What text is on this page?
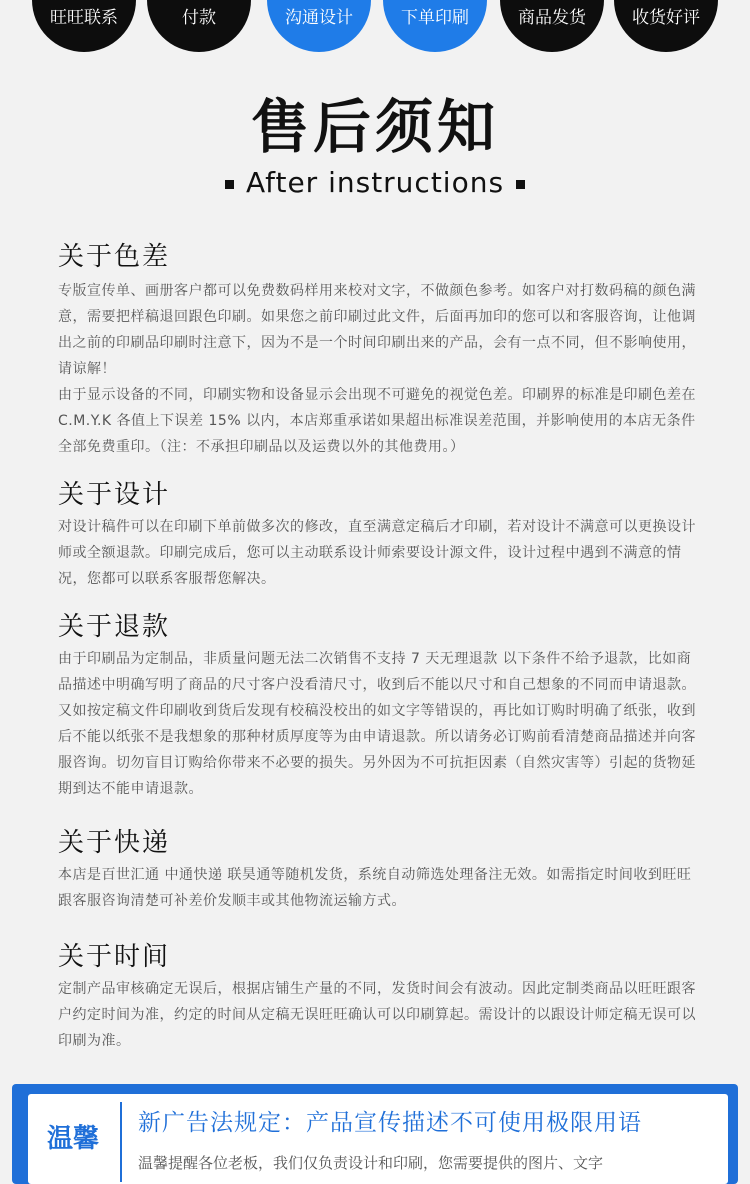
旺旺联系	付款	沟通设计	下单印刷	商品发货	收货好评
售后须知
After instructions
关于色差

专版宣传单、画册客户都可以免费数码样用来校对文字，不做颜色参考。如客户对打数码稿的颜色满意，需要把样稿退回跟色印刷。如果您之前印刷过此文件，后面再加印的您可以和客服咨询，让他调出之前的印刷品印刷时注意下，因为不是一个时间印刷出来的产品，会有一点不同，但不影响使用，请谅解！

由于显示设备的不同，印刷实物和设备显示会出现不可避免的视觉色差。印刷界的标准是印刷色差在 C.M.Y.K 各值上下误差 15% 以内，本店郑重承诺如果超出标准误差范围，并影响使用的本店无条件全部免费重印。（注：不承担印刷品以及运费以外的其他费用。）

关于设计

对设计稿件可以在印刷下单前做多次的修改，直至满意定稿后才印刷，若对设计不满意可以更换设计师或全额退款。印刷完成后，您可以主动联系设计师索要设计源文件，设计过程中遇到不满意的情况，您都可以联系客服帮您解决。

关于退款

由于印刷品为定制品，非质量问题无法二次销售不支持 7 天无理退款 以下条件不给予退款，比如商品描述中明确写明了商品的尺寸客户没看清尺寸，收到后不能以尺寸和自己想象的不同而申请退款。又如按定稿文件印刷收到货后发现有校稿没校出的如文字等错误的，再比如订购时明确了纸张，收到后不能以纸张不是我想象的那种材质厚度等为由申请退款。所以请务必订购前看清楚商品描述并向客服咨询。切勿盲目订购给你带来不必要的损失。另外因为不可抗拒因素（自然灾害等）引起的货物延期到达不能申请退款。

关于快递

本店是百世汇通 中通快递 联昊通等随机发货，系统自动筛选处理备注无效。如需指定时间收到旺旺跟客服咨询清楚可补差价发顺丰或其他物流运输方式。

关于时间

定制产品审核确定无误后，根据店铺生产量的不同，发货时间会有波动。因此定制类商品以旺旺跟客户约定时间为准，约定的时间从定稿无误旺旺确认可以印刷算起。需设计的以跟设计师定稿无误可以印刷为准。

温馨
新广告法规定：产品宣传描述不可使用极限用语
温馨提醒各位老板，我们仅负责设计和印刷，您需要提供的图片、文字
